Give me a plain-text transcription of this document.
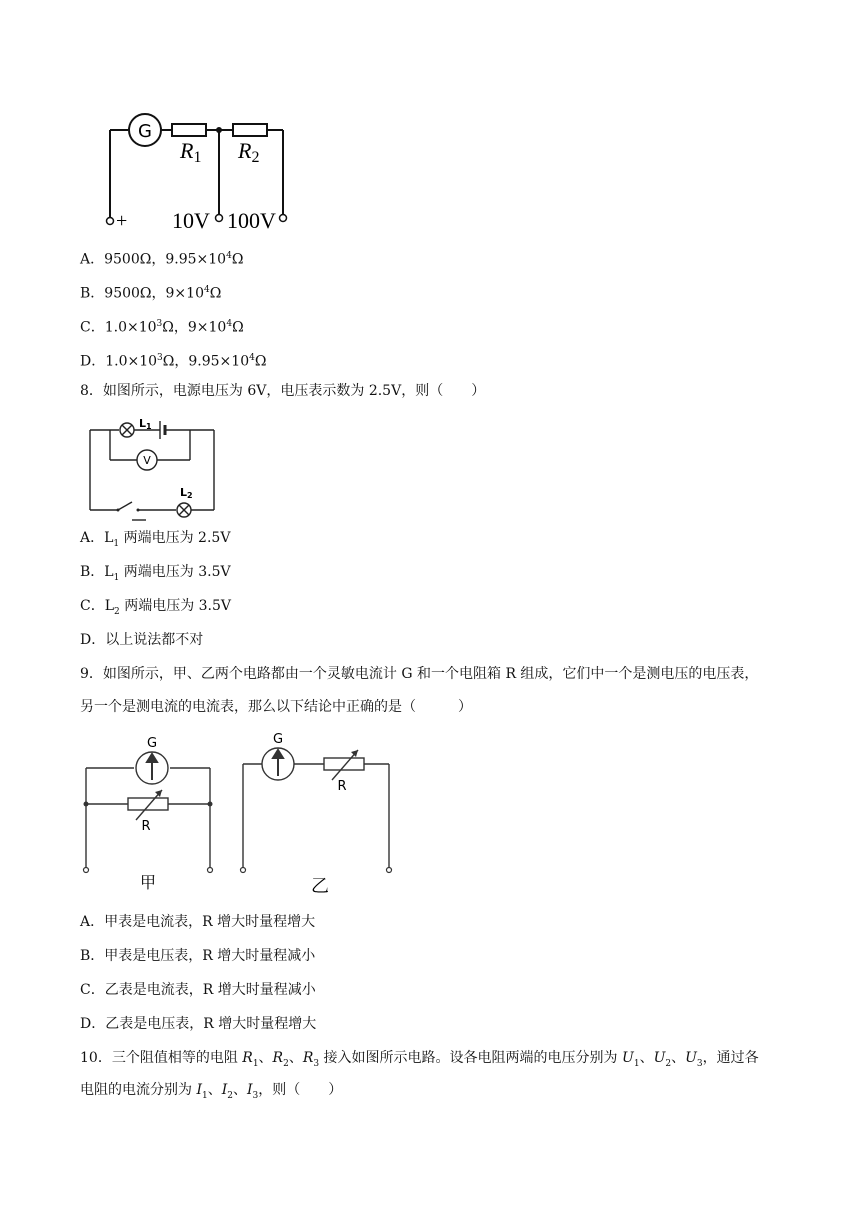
G
R1 R2
+ 10V 100V
A．9500Ω，$9.95\times 10^4\Omega$
B．9500Ω，$9\times 10^4\Omega$
C．$1.0\times 10^3\Omega$，$9\times 10^4\Omega$
D．$1.0\times 10^3\Omega$，$9.95\times 10^4\Omega$
8．如图所示，电源电压为 6V，电压表示数为 2.5V，则（　　）
L1
V
L2
A．$L_1$ 两端电压为 2.5V
B．$L_1$ 两端电压为 3.5V
C．$L_2$ 两端电压为 3.5V
D．以上说法都不对
9．如图所示，甲、乙两个电路都由一个灵敏电流计 G 和一个电阻箱 R 组成，它们中一个是测电压的电压表，
另一个是测电流的电流表，那么以下结论中正确的是（　　　）
G
R
甲
G
R
乙
A．甲表是电流表，R 增大时量程增大
B．甲表是电压表，R 增大时量程减小
C．乙表是电流表，R 增大时量程减小
D．乙表是电压表，R 增大时量程增大
10．三个阻值相等的电阻 $R_1$、$R_2$、$R_3$ 接入如图所示电路。设各电阻两端的电压分别为 $U_1$、$U_2$、$U_3$，通过各
电阻的电流分别为 $I_1$、$I_2$、$I_3$，则（　　）
